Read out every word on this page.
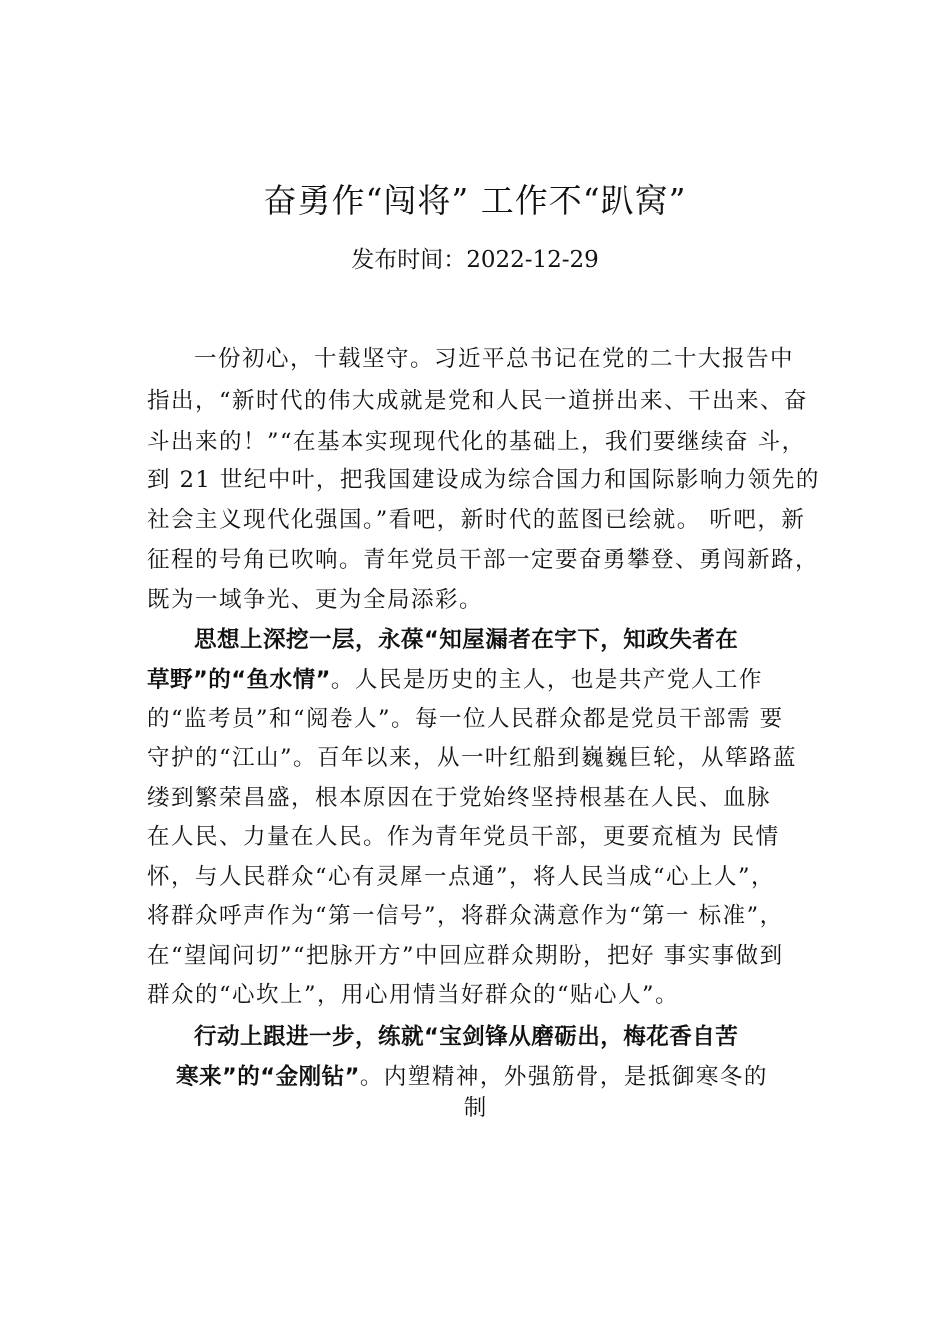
奋勇作“闯将” 工作不“趴窝”
发布时间：2022-12-29
一份初心，十载坚守。习近平总书记在党的二十大报告中
指出，“新时代的伟大成就是党和人民一道拼出来、干出来、奋
斗出来的！”“在基本实现现代化的基础上，我们要继续奋 斗，
到 21 世纪中叶，把我国建设成为综合国力和国际影响力领先的
社会主义现代化强国。”看吧，新时代的蓝图已绘就。 听吧，新
征程的号角已吹响。青年党员干部一定要奋勇攀登、勇闯新路，
既为一域争光、更为全局添彩。
思想上深挖一层，永葆“知屋漏者在宇下，知政失者在
草野”的“鱼水情”。人民是历史的主人，也是共产党人工作
的“监考员”和“阅卷人”。每一位人民群众都是党员干部需 要
守护的“江山”。百年以来，从一叶红船到巍巍巨轮，从筚路蓝
缕到繁荣昌盛，根本原因在于党始终坚持根基在人民、血脉
在人民、力量在人民。作为青年党员干部，更要㐬植为 民情
怀，与人民群众“心有灵犀一点通”，将人民当成“心上人”，
将群众呼声作为“第一信号”，将群众满意作为“第一 标准”，
在“望闻问切”“把脉开方”中回应群众期盼，把好 事实事做到
群众的“心坎上”，用心用情当好群众的“贴心人”。
行动上跟进一步，练就“宝剑锋从磨砺出，梅花香自苦
寒来”的“金刚钻”。内塑精神，外强筋骨，是抵御寒冬的
制
